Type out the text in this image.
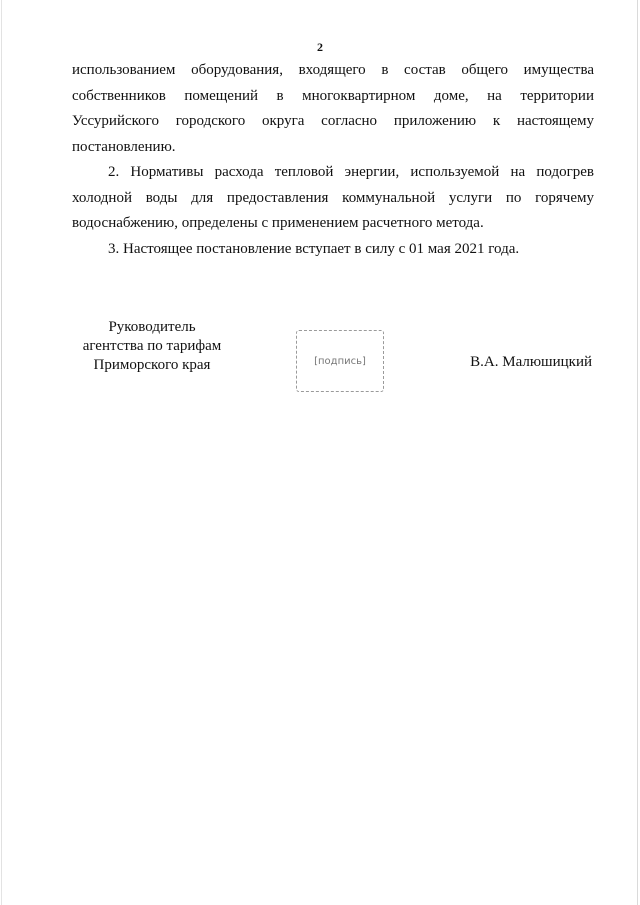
2

использованием оборудования, входящего в состав общего имущества собственников помещений в многоквартирном доме, на территории Уссурийского городского округа согласно приложению к настоящему постановлению.

2. Нормативы расхода тепловой энергии, используемой на подогрев холодной воды для предоставления коммунальной услуги по горячему водоснабжению, определены с применением расчетного метода.

3. Настоящее постановление вступает в силу с 01 мая 2021 года.

Руководитель
агентства по тарифам
Приморского края	[подпись]	В.А. Малюшицкий
